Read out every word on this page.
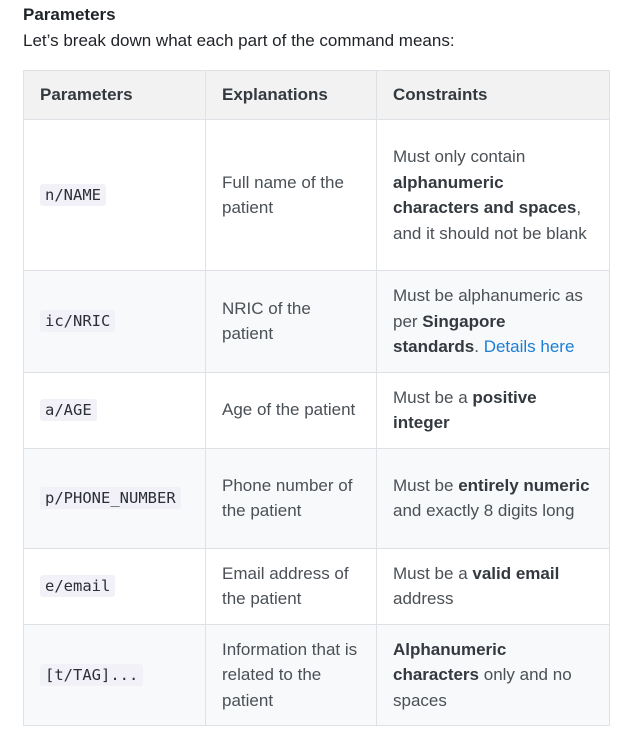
Parameters
Let’s break down what each part of the command means:
Parameters	Explanations	Constraints
n/NAME	Full name of the patient	Must only contain alphanumeric characters and spaces, and it should not be blank
ic/NRIC	NRIC of the patient	Must be alphanumeric as per Singapore standards. Details here
a/AGE	Age of the patient	Must be a positive integer
p/PHONE_NUMBER	Phone number of the patient	Must be entirely numeric and exactly 8 digits long
e/email	Email address of the patient	Must be a valid email address
[t/TAG]...	Information that is related to the patient	Alphanumeric characters only and no spaces
